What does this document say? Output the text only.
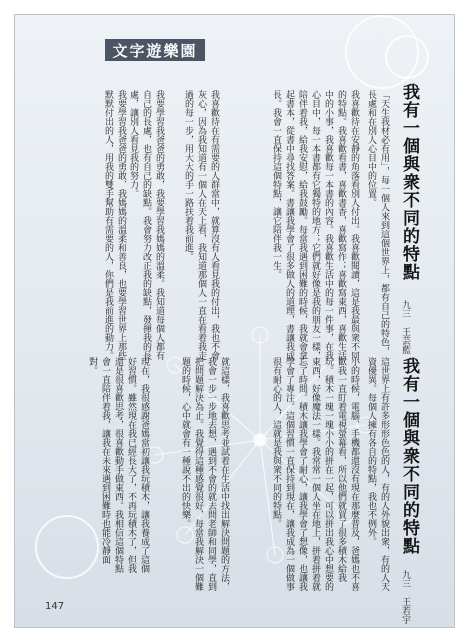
文字遊樂園
我有一個與衆不同的特點
九三　王芸藍
「天生我材必有用」，每一個人來到這個世界上，都有自己的特色，長處和在別人心目中的位置。
我喜歡待在安靜的角落看別人付出。我喜歡閱讀，這是我最與衆不同的特點。我喜歡看書，喜歡書香，喜歡寫作；喜歡寫東西，喜歡生活中的小事，我喜歡每一本書的內容。我喜歡生活中的每一件事，在我心目中，每一本書都有它獨特的地方；它們就好像是我的朋友一樣，陪伴着我，給我安慰，給我鼓勵。每當我遇到困難的時候，我就會拿起書本，從書中尋找答案。書讓我學會了很多做人的道理，書讓我成長。我會一直保持這個特點，讓它陪伴我一生。
我喜歡待在有需要的人群當中，就算沒有人看見我的付出，我也不會灰心，因為我知道有一個人在天上看，我知道那個人一直在看着我走過的每一步，用大大的手一路扶着我前進。
我要學習我爸爸的勇敢，我要學習我媽媽的溫柔。我知道每個人都有自己的長處，也有自己的缺點。我會努力改正我的缺點，發揮我的長處，讓別人看見我的努力。
我要學習我爸爸的勇敢、我媽媽的溫柔和善良，也要學習世界上那些默默付出的人，用我的雙手幫助有需要的人，你們是我前進的動力。
我有一個與衆不同的特點
九三　王若宇
這世界上有許多形形色色的人，有的人外貌出衆，有的人天資優異。每個人擁有各自的特點，我也不例外。
小的時候，電腦、手機都還沒有現在那麼普及，爸媽也不喜歡我一直盯着電視螢幕看，所以他們就買了很多積木給我玩。積木一塊一塊小小的拼在一起，可以拼出我心中想要的東西，好像魔法一樣。我常常一個人坐在地上，拼着拼着就忘了時間。積木讓我學會了耐心，讓我學會了想像，也讓我學會了專注。這個習慣一直保持到現在，讓我成為一個做事很有耐心的人，這就是我與衆不同的特點。
就這樣，我喜歡思考並試着在生活中找出解決問題的方法，我會一步一步地去想，遇到不會的就去問老師和同學，直到把問題解決為止。我覺得這種感覺很好，每當我解決一個難題的時候，心中就會有一種說不出的快樂。
現在，我很感謝爸媽當初讓我玩積木，讓我養成了這個好習慣。雖然現在我已經長大了，不再玩積木了，但我還是很喜歡思考，很喜歡動手做東西。我相信這個特點會一直陪伴着我，讓我在未來遇到困難時也能冷靜面對。
147
